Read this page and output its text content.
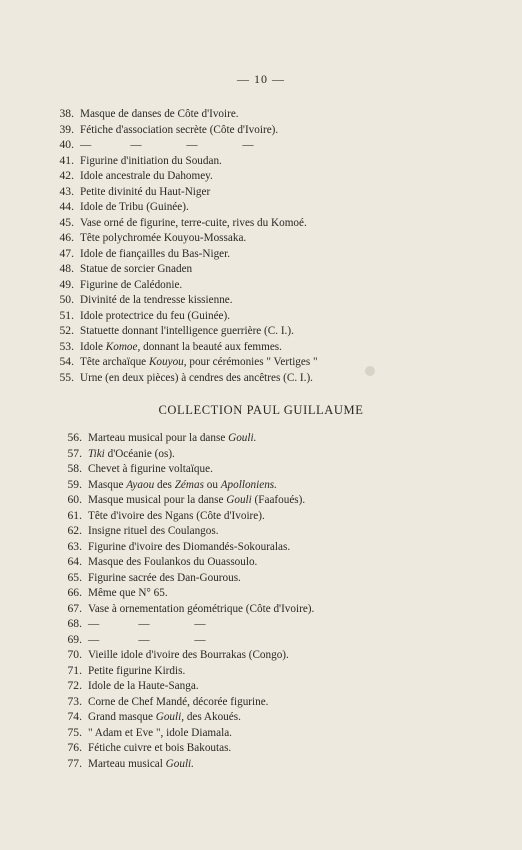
— 10 —
38. Masque de danses de Côte d'Ivoire.
39. Fétiche d'association secrète (Côte d'Ivoire).
40. —	—	—	—
41. Figurine d'initiation du Soudan.
42. Idole ancestrale du Dahomey.
43. Petite divinité du Haut-Niger
44. Idole de Tribu (Guinée).
45. Vase orné de figurine, terre-cuite, rives du Komoé.
46. Tête polychromée Kouyou-Mossaka.
47. Idole de fiançailles du Bas-Niger.
48. Statue de sorcier Gnaden
49. Figurine de Calédonie.
50. Divinité de la tendresse kissienne.
51. Idole protectrice du feu (Guinée).
52. Statuette donnant l'intelligence guerrière (C. I.).
53. Idole Komoe, donnant la beauté aux femmes.
54. Tête archaïque Kouyou, pour cérémonies " Vertiges "
55. Urne (en deux pièces) à cendres des ancêtres (C. I.).
COLLECTION PAUL GUILLAUME
56. Marteau musical pour la danse Gouli.
57. Tiki d'Océanie (os).
58. Chevet à figurine voltaïque.
59. Masque Ayaou des Zémas ou Apolloniens.
60. Masque musical pour la danse Gouli (Faafoués).
61. Tête d'ivoire des Ngans (Côte d'Ivoire).
62. Insigne rituel des Coulangos.
63. Figurine d'ivoire des Diomandés-Sokouralas.
64. Masque des Foulankos du Ouassoulo.
65. Figurine sacrée des Dan-Gourous.
66. Même que N° 65.
67. Vase à ornementation géométrique (Côte d'Ivoire).
68. —	—	—
69. —	—	—
70. Vieille idole d'ivoire des Bourrakas (Congo).
71. Petite figurine Kirdis.
72. Idole de la Haute-Sanga.
73. Corne de Chef Mandé, décorée figurine.
74. Grand masque Gouli, des Akoués.
75. " Adam et Eve ", idole Diamala.
76. Fétiche cuivre et bois Bakoutas.
77. Marteau musical Gouli.
